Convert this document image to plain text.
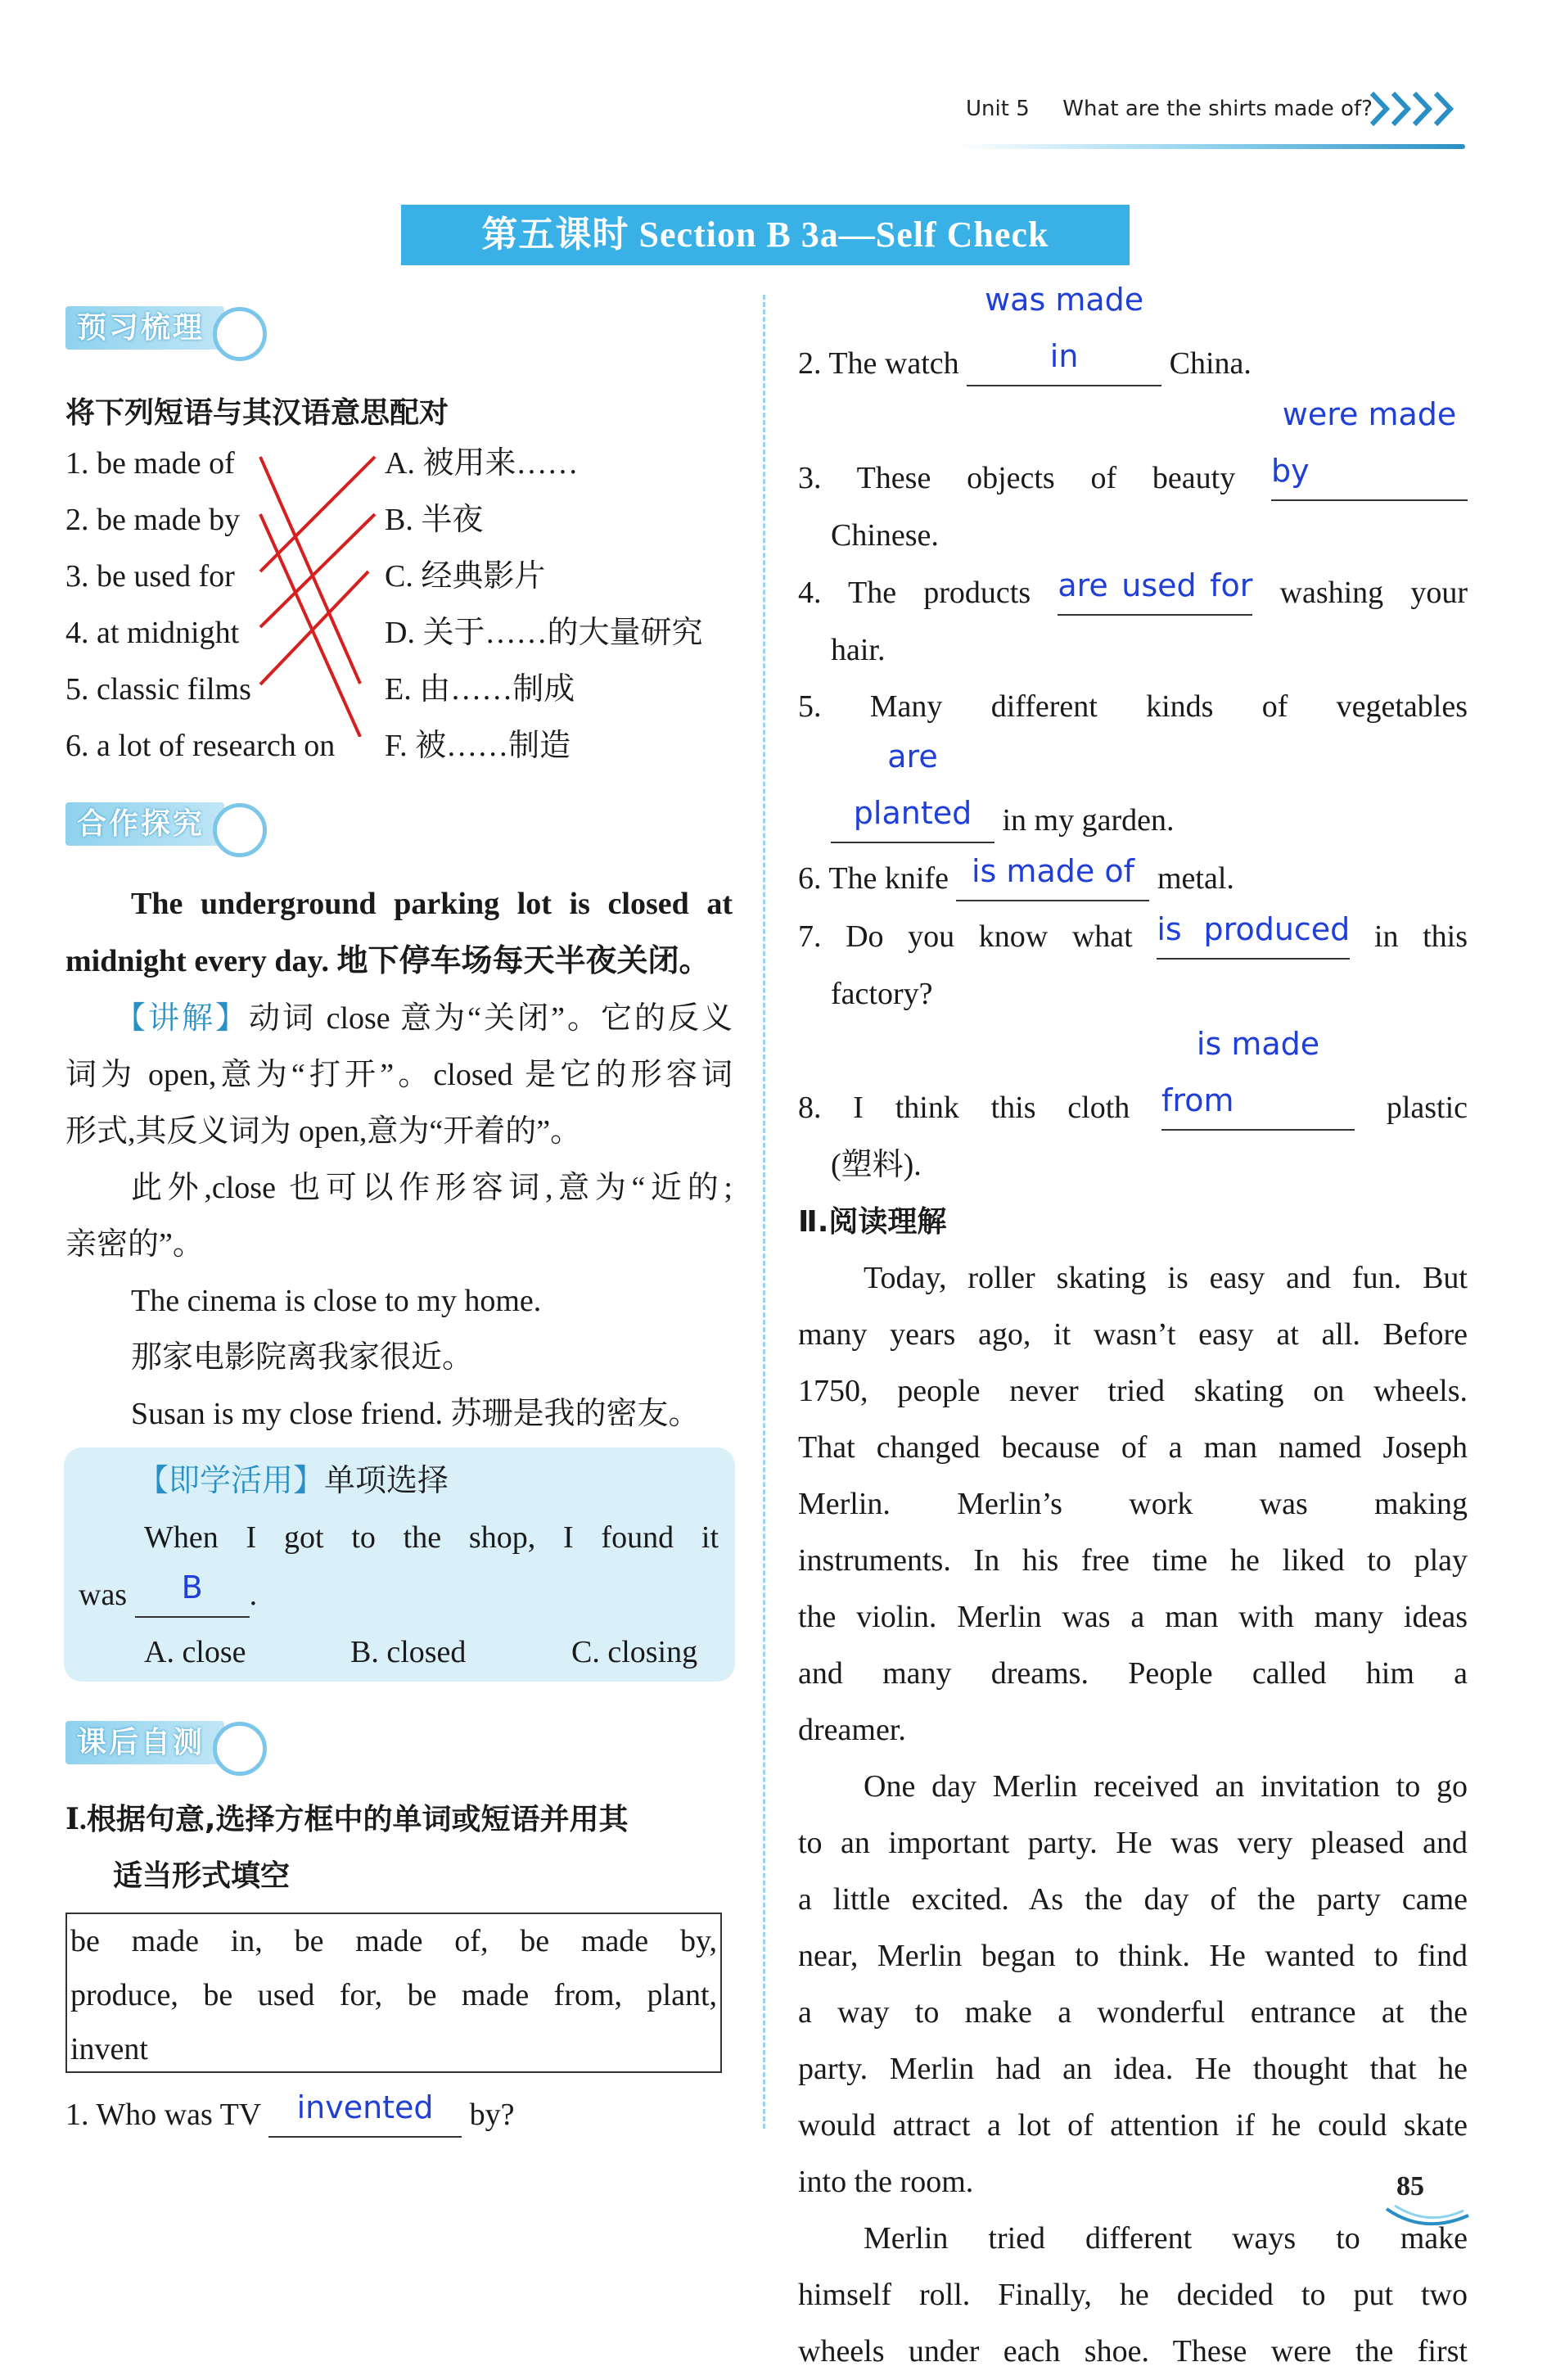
Unit 5 What are the shirts made of?
第五课时 Section B 3a—Self Check
预习梳理
将下列短语与其汉语意思配对
1. be made of
2. be made by
3. be used for
4. at midnight
5. classic films
6. a lot of research on
A. 被用来……
B. 半夜
C. 经典影片
D. 关于……的大量研究
E. 由……制成
F. 被……制造
合作探究
The underground parking lot is closed at
midnight every day. 地下停车场每天半夜关闭。
【讲解】动词 close 意为“关闭”。它的反义
词为 open,意为“打开”。closed 是它的形容词
形式,其反义词为 open,意为“开着的”。
此外,close 也可以作形容词,意为“近的;
亲密的”。
The cinema is close to my home.
那家电影院离我家很近。
Susan is my close friend. 苏珊是我的密友。
【即学活用】单项选择
When I got to the shop, I found it
was B .
A. close	B. closed	C. closing
课后自测
Ⅰ.根据句意,选择方框中的单词或短语并用其
适当形式填空
be made in, be made of, be made by,
produce, be used for, be made from, plant,
invent
1. Who was TV invented by?
2. The watch was made in	China.
3. These objects of beauty were made by
Chinese.
4. The products are used for washing your
hair.
5. Many different kinds of vegetables
are planted in my garden.
6. The knife is made of metal.
7. Do you know what is produced in this
factory?
8. I think this cloth is made from	plastic
(塑料).
Ⅱ.阅读理解
Today, roller skating is easy and fun. But
many years ago, it wasn’t easy at all. Before
1750, people never tried skating on wheels.
That changed because of a man named Joseph
Merlin. Merlin’s work was making
instruments. In his free time he liked to play
the violin. Merlin was a man with many ideas
and many dreams. People called him a
dreamer.
One day Merlin received an invitation to go
to an important party. He was very pleased and
a little excited. As the day of the party came
near, Merlin began to think. He wanted to find
a way to make a wonderful entrance at the
party. Merlin had an idea. He thought that he
would attract a lot of attention if he could skate
into the room.
Merlin tried different ways to make
himself roll. Finally, he decided to put two
wheels under each shoe. These were the first
85
